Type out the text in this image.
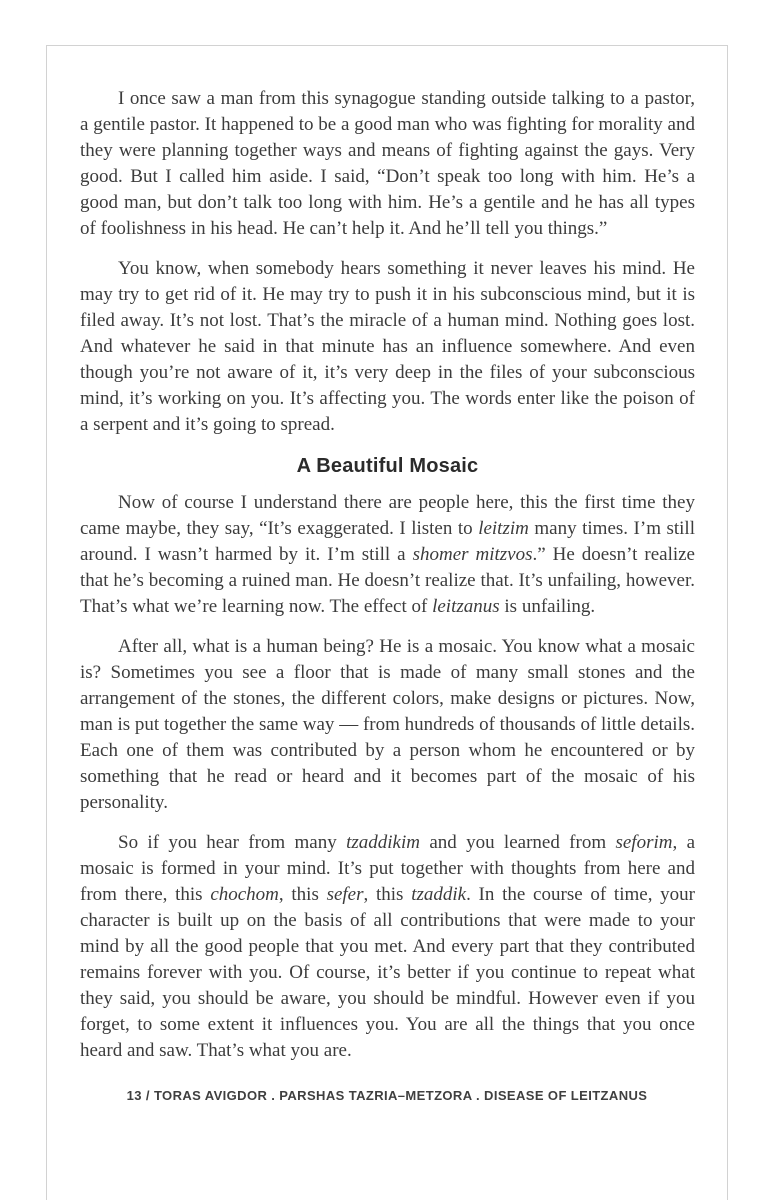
I once saw a man from this synagogue standing outside talking to a pastor, a gentile pastor. It happened to be a good man who was fighting for morality and they were planning together ways and means of fighting against the gays. Very good. But I called him aside. I said, “Don’t speak too long with him. He’s a good man, but don’t talk too long with him. He’s a gentile and he has all types of foolishness in his head. He can’t help it. And he’ll tell you things.”

You know, when somebody hears something it never leaves his mind. He may try to get rid of it. He may try to push it in his subconscious mind, but it is filed away. It’s not lost. That’s the miracle of a human mind. Nothing goes lost. And whatever he said in that minute has an influence somewhere. And even though you’re not aware of it, it’s very deep in the files of your subconscious mind, it’s working on you. It’s affecting you. The words enter like the poison of a serpent and it’s going to spread.

A Beautiful Mosaic

Now of course I understand there are people here, this the first time they came maybe, they say, “It’s exaggerated. I listen to leitzim many times. I’m still around. I wasn’t harmed by it. I’m still a shomer mitzvos.” He doesn’t realize that he’s becoming a ruined man. He doesn’t realize that. It’s unfailing, however. That’s what we’re learning now. The effect of leitzanus is unfailing.

After all, what is a human being? He is a mosaic. You know what a mosaic is? Sometimes you see a floor that is made of many small stones and the arrangement of the stones, the different colors, make designs or pictures. Now, man is put together the same way — from hundreds of thousands of little details. Each one of them was contributed by a person whom he encountered or by something that he read or heard and it becomes part of the mosaic of his personality.

So if you hear from many tzaddikim and you learned from seforim, a mosaic is formed in your mind. It’s put together with thoughts from here and from there, this chochom, this sefer, this tzaddik. In the course of time, your character is built up on the basis of all contributions that were made to your mind by all the good people that you met. And every part that they contributed remains forever with you. Of course, it’s better if you continue to repeat what they said, you should be aware, you should be mindful. However even if you forget, to some extent it influences you. You are all the things that you once heard and saw. That’s what you are.

13 / TORAS AVIGDOR . PARSHAS TAZRIA–METZORA . DISEASE OF LEITZANUS
